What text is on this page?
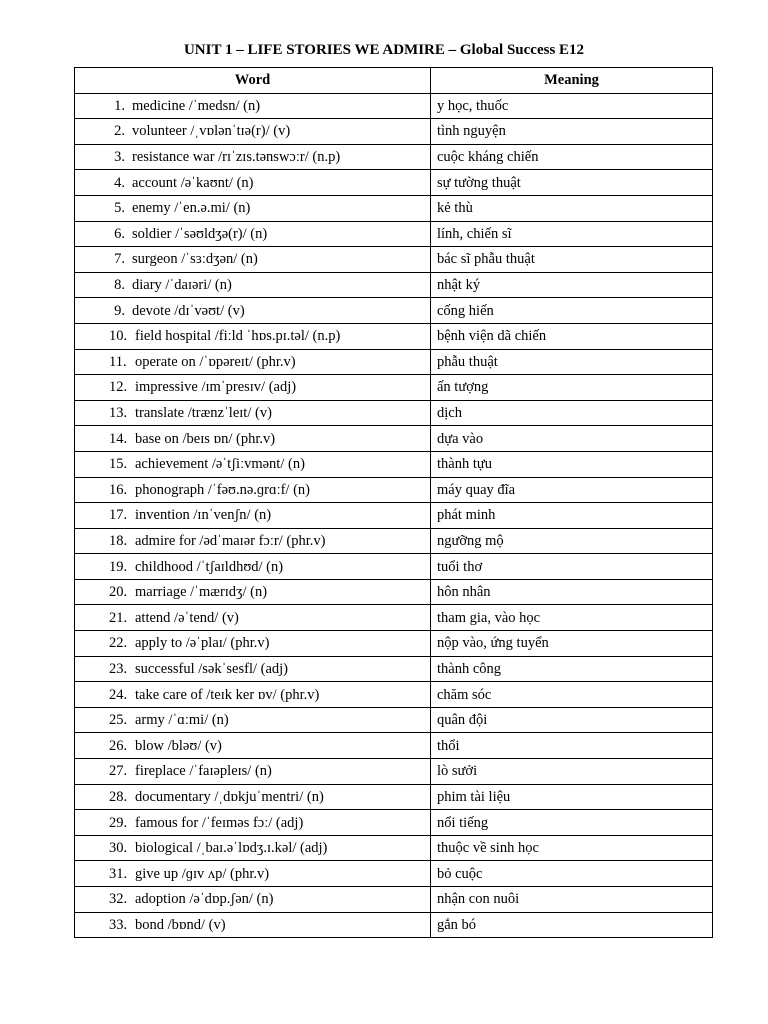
UNIT 1 – LIFE STORIES WE ADMIRE – Global Success E12
Word	Meaning
1. medicine /ˈmedsn/ (n)	y học, thuốc
2. volunteer /ˌvɒlənˈtɪə(r)/ (v)	tình nguyện
3. resistance war /rɪˈzɪs.tənswɔːr/ (n.p)	cuộc kháng chiến
4. account /əˈkaʊnt/ (n)	sự tường thuật
5. enemy /ˈen.ə.mi/ (n)	kẻ thù
6. soldier /ˈsəʊldʒə(r)/ (n)	lính, chiến sĩ
7. surgeon /ˈsɜːdʒən/ (n)	bác sĩ phẫu thuật
8. diary /ˈdaɪəri/ (n)	nhật ký
9. devote /dɪˈvəʊt/ (v)	cống hiến
10. field hospital /fiːld ˈhɒs.pɪ.təl/ (n.p)	bệnh viện dã chiến
11. operate on /ˈɒpəreɪt/ (phr.v)	phẫu thuật
12. impressive /ɪmˈpresɪv/ (adj)	ấn tượng
13. translate /trænzˈleɪt/ (v)	dịch
14. base on /beɪs ɒn/ (phr.v)	dựa vào
15. achievement /əˈtʃiːvmənt/ (n)	thành tựu
16. phonograph /ˈfəʊ.nə.ɡrɑːf/ (n)	máy quay đĩa
17. invention /ɪnˈvenʃn/ (n)	phát minh
18. admire for /ədˈmaɪər fɔːr/ (phr.v)	ngưỡng mộ
19. childhood /ˈtʃaɪldhʊd/ (n)	tuổi thơ
20. marriage /ˈmærɪdʒ/ (n)	hôn nhân
21. attend /əˈtend/ (v)	tham gia, vào học
22. apply to /əˈplaɪ/ (phr.v)	nộp vào, ứng tuyển
23. successful /səkˈsesfl/ (adj)	thành công
24. take care of /teɪk ker ɒv/ (phr.v)	chăm sóc
25. army /ˈɑːmi/ (n)	quân đội
26. blow /bləʊ/ (v)	thổi
27. fireplace /ˈfaɪəpleɪs/ (n)	lò sưởi
28. documentary /ˌdɒkjuˈmentri/ (n)	phim tài liệu
29. famous for /ˈfeɪməs fɔː/ (adj)	nổi tiếng
30. biological /ˌbaɪ.əˈlɒdʒ.ɪ.kəl/ (adj)	thuộc về sinh học
31. give up /ɡɪv ʌp/ (phr.v)	bỏ cuộc
32. adoption /əˈdɒp.ʃən/ (n)	nhận con nuôi
33. bond /bɒnd/ (v)	gắn bó
